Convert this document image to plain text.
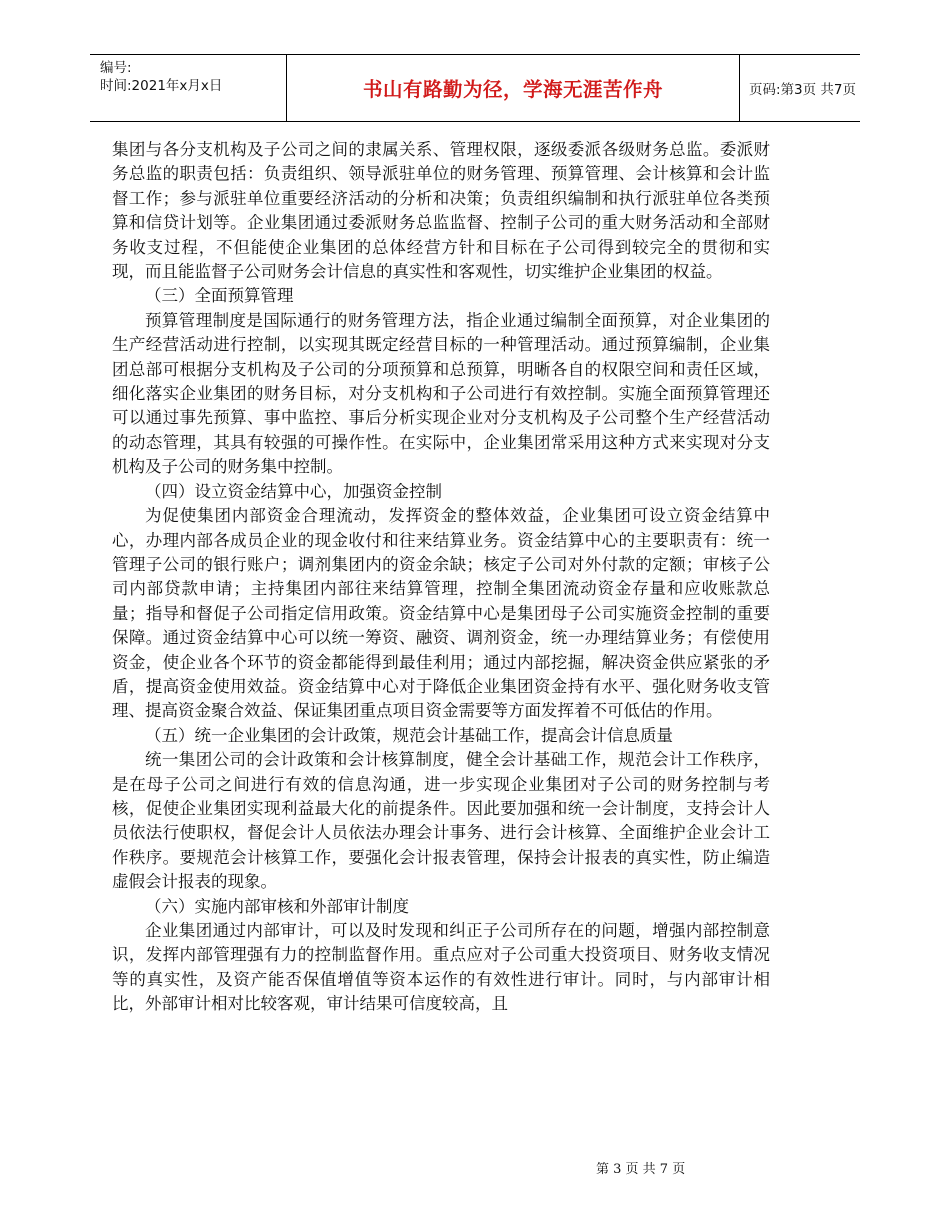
编号:
时间:2021年x月x日	书山有路勤为径，学海无涯苦作舟	页码:第3页 共7页

集团与各分支机构及子公司之间的隶属关系、管理权限，逐级委派各级财务总监。委派财务总监的职责包括：负责组织、领导派驻单位的财务管理、预算管理、会计核算和会计监督工作；参与派驻单位重要经济活动的分析和决策；负责组织编制和执行派驻单位各类预算和信贷计划等。企业集团通过委派财务总监监督、控制子公司的重大财务活动和全部财务收支过程，不但能使企业集团的总体经营方针和目标在子公司得到较完全的贯彻和实现，而且能监督子公司财务会计信息的真实性和客观性，切实维护企业集团的权益。

（三）全面预算管理

预算管理制度是国际通行的财务管理方法，指企业通过编制全面预算，对企业集团的生产经营活动进行控制，以实现其既定经营目标的一种管理活动。通过预算编制，企业集团总部可根据分支机构及子公司的分项预算和总预算，明晰各自的权限空间和责任区域，细化落实企业集团的财务目标，对分支机构和子公司进行有效控制。实施全面预算管理还可以通过事先预算、事中监控、事后分析实现企业对分支机构及子公司整个生产经营活动的动态管理，其具有较强的可操作性。在实际中，企业集团常采用这种方式来实现对分支机构及子公司的财务集中控制。

（四）设立资金结算中心，加强资金控制

为促使集团内部资金合理流动，发挥资金的整体效益，企业集团可设立资金结算中心，办理内部各成员企业的现金收付和往来结算业务。资金结算中心的主要职责有：统一管理子公司的银行账户；调剂集团内的资金余缺；核定子公司对外付款的定额；审核子公司内部贷款申请；主持集团内部往来结算管理，控制全集团流动资金存量和应收账款总量；指导和督促子公司指定信用政策。资金结算中心是集团母子公司实施资金控制的重要保障。通过资金结算中心可以统一筹资、融资、调剂资金，统一办理结算业务；有偿使用资金，使企业各个环节的资金都能得到最佳利用；通过内部挖掘，解决资金供应紧张的矛盾，提高资金使用效益。资金结算中心对于降低企业集团资金持有水平、强化财务收支管理、提高资金聚合效益、保证集团重点项目资金需要等方面发挥着不可低估的作用。

（五）统一企业集团的会计政策，规范会计基础工作，提高会计信息质量

统一集团公司的会计政策和会计核算制度，健全会计基础工作，规范会计工作秩序，是在母子公司之间进行有效的信息沟通，进一步实现企业集团对子公司的财务控制与考核，促使企业集团实现利益最大化的前提条件。因此要加强和统一会计制度，支持会计人员依法行使职权，督促会计人员依法办理会计事务、进行会计核算、全面维护企业会计工作秩序。要规范会计核算工作，要强化会计报表管理，保持会计报表的真实性，防止编造虚假会计报表的现象。

（六）实施内部审核和外部审计制度

企业集团通过内部审计，可以及时发现和纠正子公司所存在的问题，增强内部控制意识，发挥内部管理强有力的控制监督作用。重点应对子公司重大投资项目、财务收支情况等的真实性，及资产能否保值增值等资本运作的有效性进行审计。同时，与内部审计相比，外部审计相对比较客观，审计结果可信度较高，且

第 3 页 共 7 页
